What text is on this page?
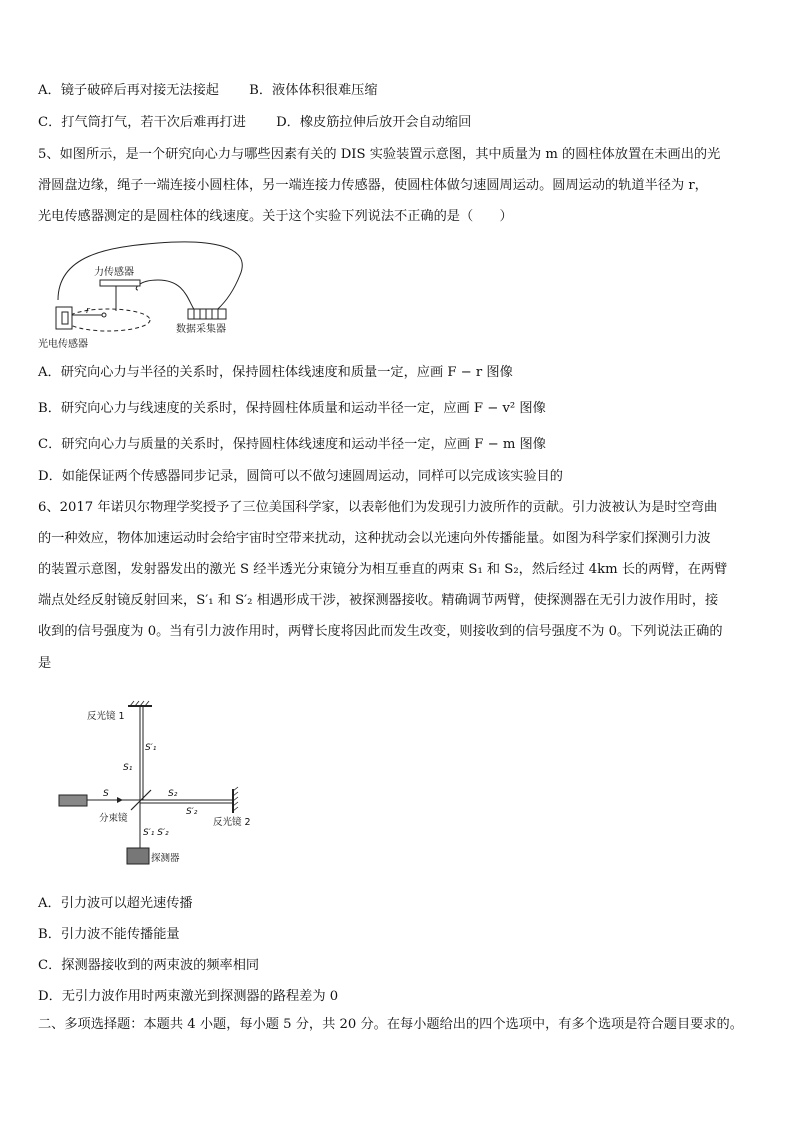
A．镜子破碎后再对接无法接起 B．液体体积很难压缩
C．打气筒打气，若干次后难再打进 D．橡皮筋拉伸后放开会自动缩回
5、如图所示，是一个研究向心力与哪些因素有关的 DIS 实验装置示意图，其中质量为 m 的圆柱体放置在未画出的光
滑圆盘边缘，绳子一端连接小圆柱体，另一端连接力传感器，使圆柱体做匀速圆周运动。圆周运动的轨道半径为 r，
光电传感器测定的是圆柱体的线速度。关于这个实验下列说法不正确的是（　　）
力传感器
r
光电传感器
数据采集器
A．研究向心力与半径的关系时，保持圆柱体线速度和质量一定，应画 F − r 图像
B．研究向心力与线速度的关系时，保持圆柱体质量和运动半径一定，应画 F − v² 图像
C．研究向心力与质量的关系时，保持圆柱体线速度和运动半径一定，应画 F − m 图像
D．如能保证两个传感器同步记录，圆筒可以不做匀速圆周运动，同样可以完成该实验目的
6、2017 年诺贝尔物理学奖授予了三位美国科学家，以表彰他们为发现引力波所作的贡献。引力波被认为是时空弯曲
的一种效应，物体加速运动时会给宇宙时空带来扰动，这种扰动会以光速向外传播能量。如图为科学家们探测引力波
的装置示意图，发射器发出的激光 S 经半透光分束镜分为相互垂直的两束 S₁ 和 S₂，然后经过 4km 长的两臂，在两臂
端点处经反射镜反射回来，S′₁ 和 S′₂ 相遇形成干涉，被探测器接收。精确调节两臂，使探测器在无引力波作用时，接
收到的信号强度为 0。当有引力波作用时，两臂长度将因此而发生改变，则接收到的信号强度不为 0。下列说法正确的
是
反光镜 1
S′₁
S₁
S
分束镜
S₂
S′₂
反光镜 2
S′₁ S′₂
探测器
A．引力波可以超光速传播
B．引力波不能传播能量
C．探测器接收到的两束波的频率相同
D．无引力波作用时两束激光到探测器的路程差为 0
二、多项选择题：本题共 4 小题，每小题 5 分，共 20 分。在每小题给出的四个选项中，有多个选项是符合题目要求的。
